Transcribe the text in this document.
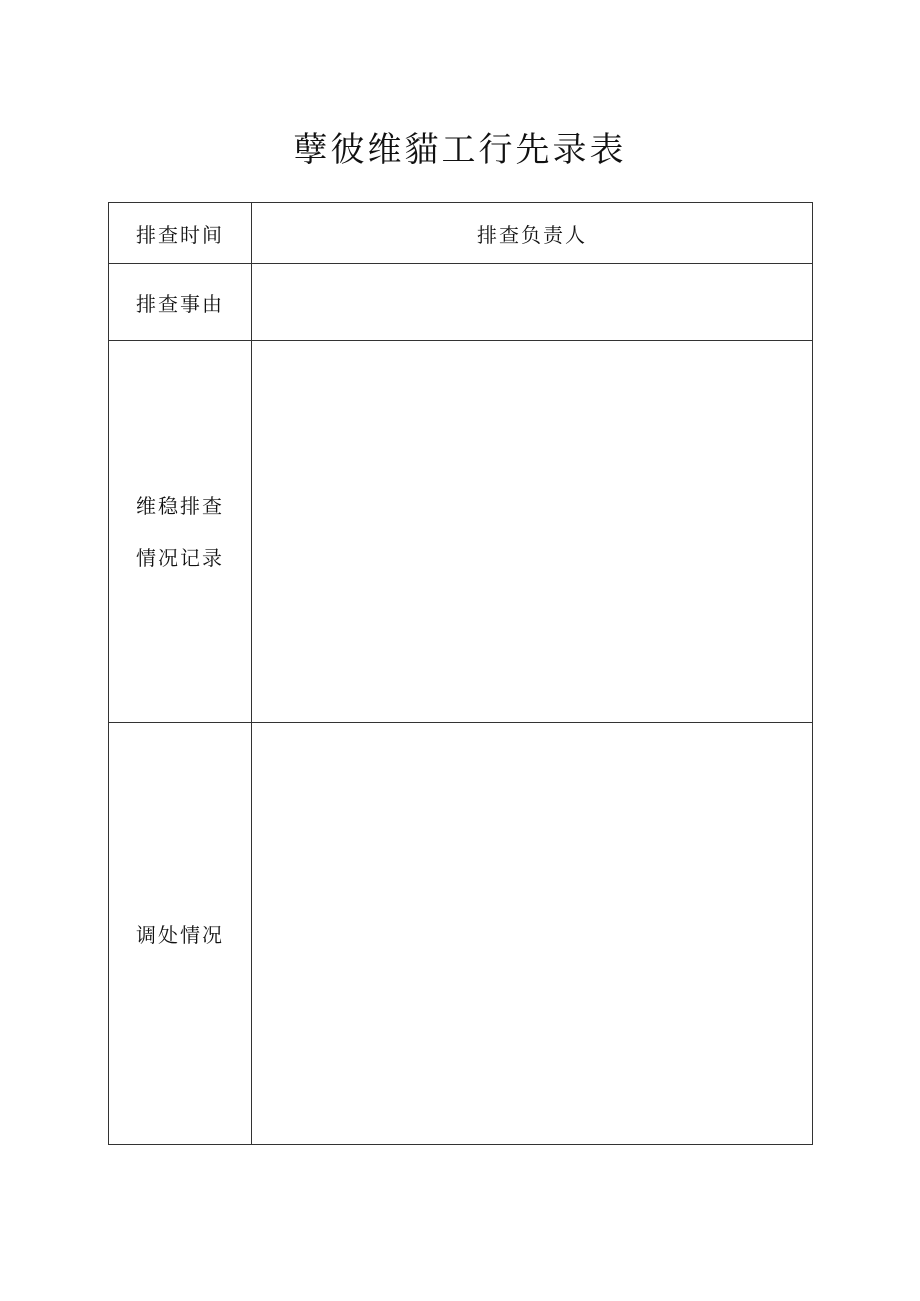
孽彼维貓工行先录表
排查时间	排查负责人
排查事由	

维稳排查
情况记录	

调处情况	
